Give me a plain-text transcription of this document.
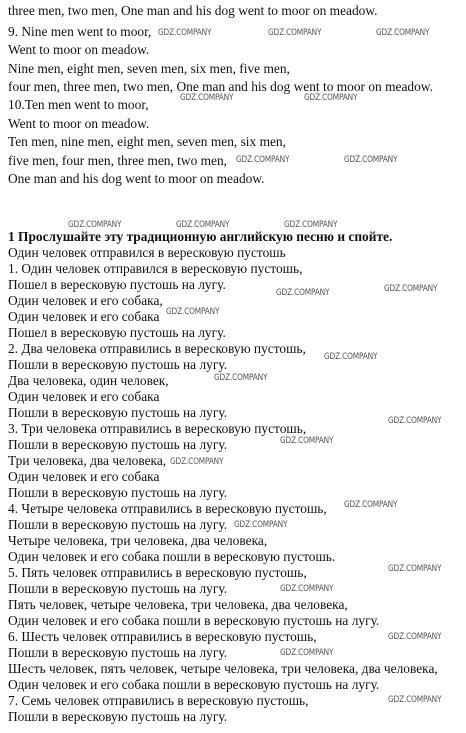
three men, two men, One man and his dog went to moor on meadow.
9. Nine men went to moor,
Went to moor on meadow.
Nine men, eight men, seven men, six men, five men,
four men, three men, two men, One man and his dog went to moor on meadow.
10.Ten men went to moor,
Went to moor on meadow.
Ten men, nine men, eight men, seven men, six men,
five men, four men, three men, two men,
One man and his dog went to moor on meadow.
1 Прослушайте эту традиционную английскую песню и спойте.
Один человек отправился в вересковую пустошь
1. Один человек отправился в вересковую пустошь,
Пошел в вересковую пустошь на лугу.
Один человек и его собака,
Один человек и его собака
Пошел в вересковую пустошь на лугу.
2. Два человека отправились в вересковую пустошь,
Пошли в вересковую пустошь на лугу.
Два человека, один человек,
Один человек и его собака
Пошли в вересковую пустошь на лугу.
3. Три человека отправились в вересковую пустошь,
Пошли в вересковую пустошь на лугу.
Три человека, два человека,
Один человек и его собака
Пошли в вересковую пустошь на лугу.
4. Четыре человека отправились в вересковую пустошь,
Пошли в вересковую пустошь на лугу.
Четыре человека, три человека, два человека,
Один человек и его собака пошли в вересковую пустошь.
5. Пять человек отправились в вересковую пустошь,
Пошли в вересковую пустошь на лугу.
Пять человек, четыре человека, три человека, два человека,
Один человек и его собака пошли в вересковую пустошь на лугу.
6. Шесть человек отправились в вересковую пустошь,
Пошли в вересковую пустошь на лугу.
Шесть человек, пять человек, четыре человека, три человека, два человека,
Один человек и его собака пошли в вересковую пустошь на лугу.
7. Семь человек отправились в вересковую пустошь,
Пошли в вересковую пустошь на лугу.
GDZ.COMPANY	GDZ.COMPANY	GDZ.COMPANY
GDZ.COMPANY	GDZ.COMPANY
GDZ.COMPANY	GDZ.COMPANY
GDZ.COMPANY	GDZ.COMPANY	GDZ.COMPANY
GDZ.COMPANY
GDZ.COMPANY
GDZ.COMPANY
GDZ.COMPANY
GDZ.COMPANY
GDZ.COMPANY
GDZ.COMPANY
GDZ.COMPANY
GDZ.COMPANY
GDZ.COMPANY
GDZ.COMPANY
GDZ.COMPANY
GDZ.COMPANY
GDZ.COMPANY
GDZ.COMPANY
